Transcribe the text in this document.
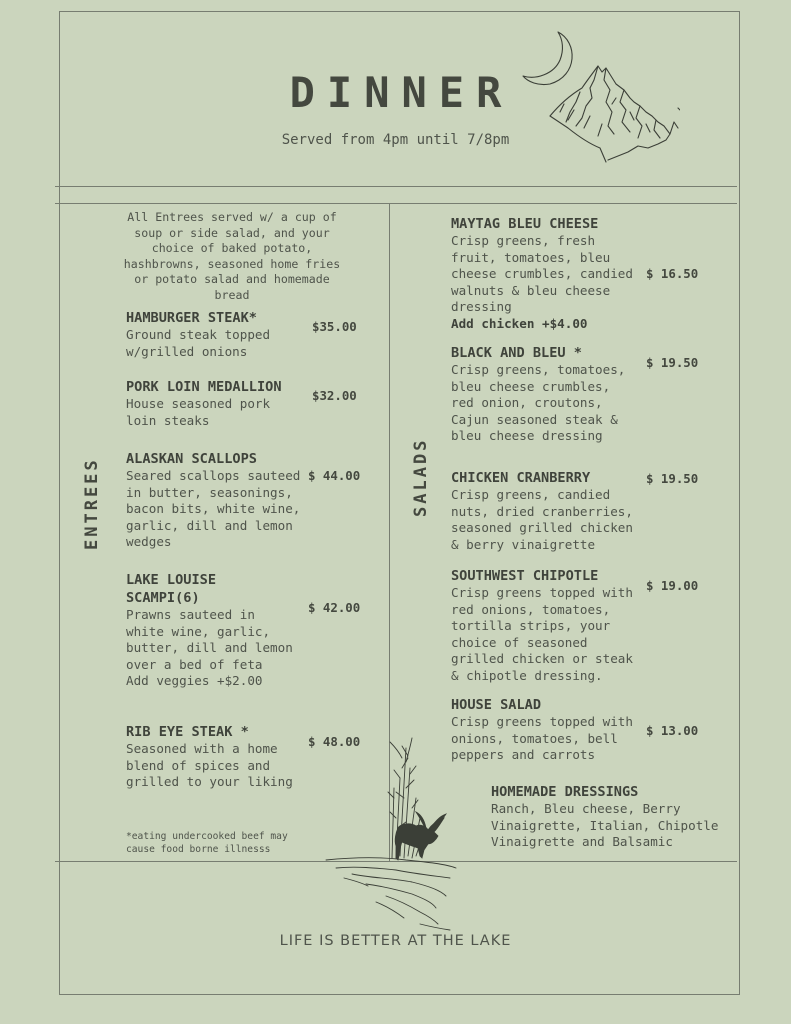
DINNER
Served from 4pm until 7/8pm
ENTREES	SALADS
All Entrees served w/ a cup of soup or side salad, and your choice of baked potato, hashbrowns, seasoned home fries or potato salad and homemade bread
HAMBURGER STEAK*
Ground steak topped w/grilled onions
$35.00
PORK LOIN MEDALLION
House seasoned pork loin steaks
$32.00
ALASKAN SCALLOPS
Seared scallops sauteed in butter, seasonings, bacon bits, white wine, garlic, dill and lemon wedges
$ 44.00
LAKE LOUISE SCAMPI(6)
Prawns sauteed in white wine, garlic, butter, dill and lemon over a bed of feta
Add veggies +$2.00
$ 42.00
RIB EYE STEAK *
Seasoned with a home blend of spices and grilled to your liking
$ 48.00
*eating undercooked beef may cause food borne illnesss
MAYTAG BLEU CHEESE
Crisp greens, fresh fruit, tomatoes, bleu cheese crumbles, candied walnuts & bleu cheese dressing
Add chicken +$4.00
$ 16.50
BLACK AND BLEU *
Crisp greens, tomatoes, bleu cheese crumbles, red onion, croutons, Cajun seasoned steak & bleu cheese dressing
$ 19.50
CHICKEN CRANBERRY
Crisp greens, candied nuts, dried cranberries, seasoned grilled chicken & berry vinaigrette
$ 19.50
SOUTHWEST CHIPOTLE
Crisp greens topped with red onions, tomatoes, tortilla strips, your choice of seasoned grilled chicken or steak & chipotle dressing.
$ 19.00
HOUSE SALAD
Crisp greens topped with onions, tomatoes, bell peppers and carrots
$ 13.00
HOMEMADE DRESSINGS
Ranch, Bleu cheese, Berry Vinaigrette, Italian, Chipotle Vinaigrette and Balsamic
LIFE IS BETTER AT THE LAKE
